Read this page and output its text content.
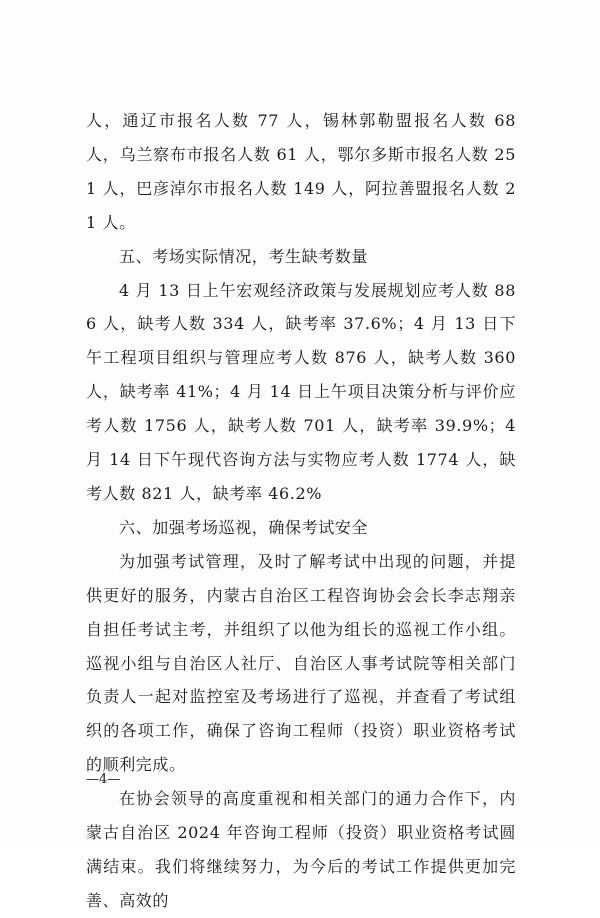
人，通辽市报名人数 77 人，锡林郭勒盟报名人数 68 人，乌兰察布市报名人数 61 人，鄂尔多斯市报名人数 251 人，巴彦淖尔市报名人数 149 人，阿拉善盟报名人数 21 人。

五、考场实际情况，考生缺考数量

4 月 13 日上午宏观经济政策与发展规划应考人数 886 人，缺考人数 334 人，缺考率 37.6%；4 月 13 日下午工程项目组织与管理应考人数 876 人，缺考人数 360 人，缺考率 41%；4 月 14 日上午项目决策分析与评价应考人数 1756 人，缺考人数 701 人，缺考率 39.9%；4 月 14 日下午现代咨询方法与实物应考人数 1774 人，缺考人数 821 人，缺考率 46.2%

六、加强考场巡视，确保考试安全

为加强考试管理，及时了解考试中出现的问题，并提供更好的服务，内蒙古自治区工程咨询协会会长李志翔亲自担任考试主考，并组织了以他为组长的巡视工作小组。巡视小组与自治区人社厅、自治区人事考试院等相关部门负责人一起对监控室及考场进行了巡视，并查看了考试组织的各项工作，确保了咨询工程师（投资）职业资格考试的顺利完成。

在协会领导的高度重视和相关部门的通力合作下，内蒙古自治区 2024 年咨询工程师（投资）职业资格考试圆满结束。我们将继续努力，为今后的考试工作提供更加完善、高效的

—4—
